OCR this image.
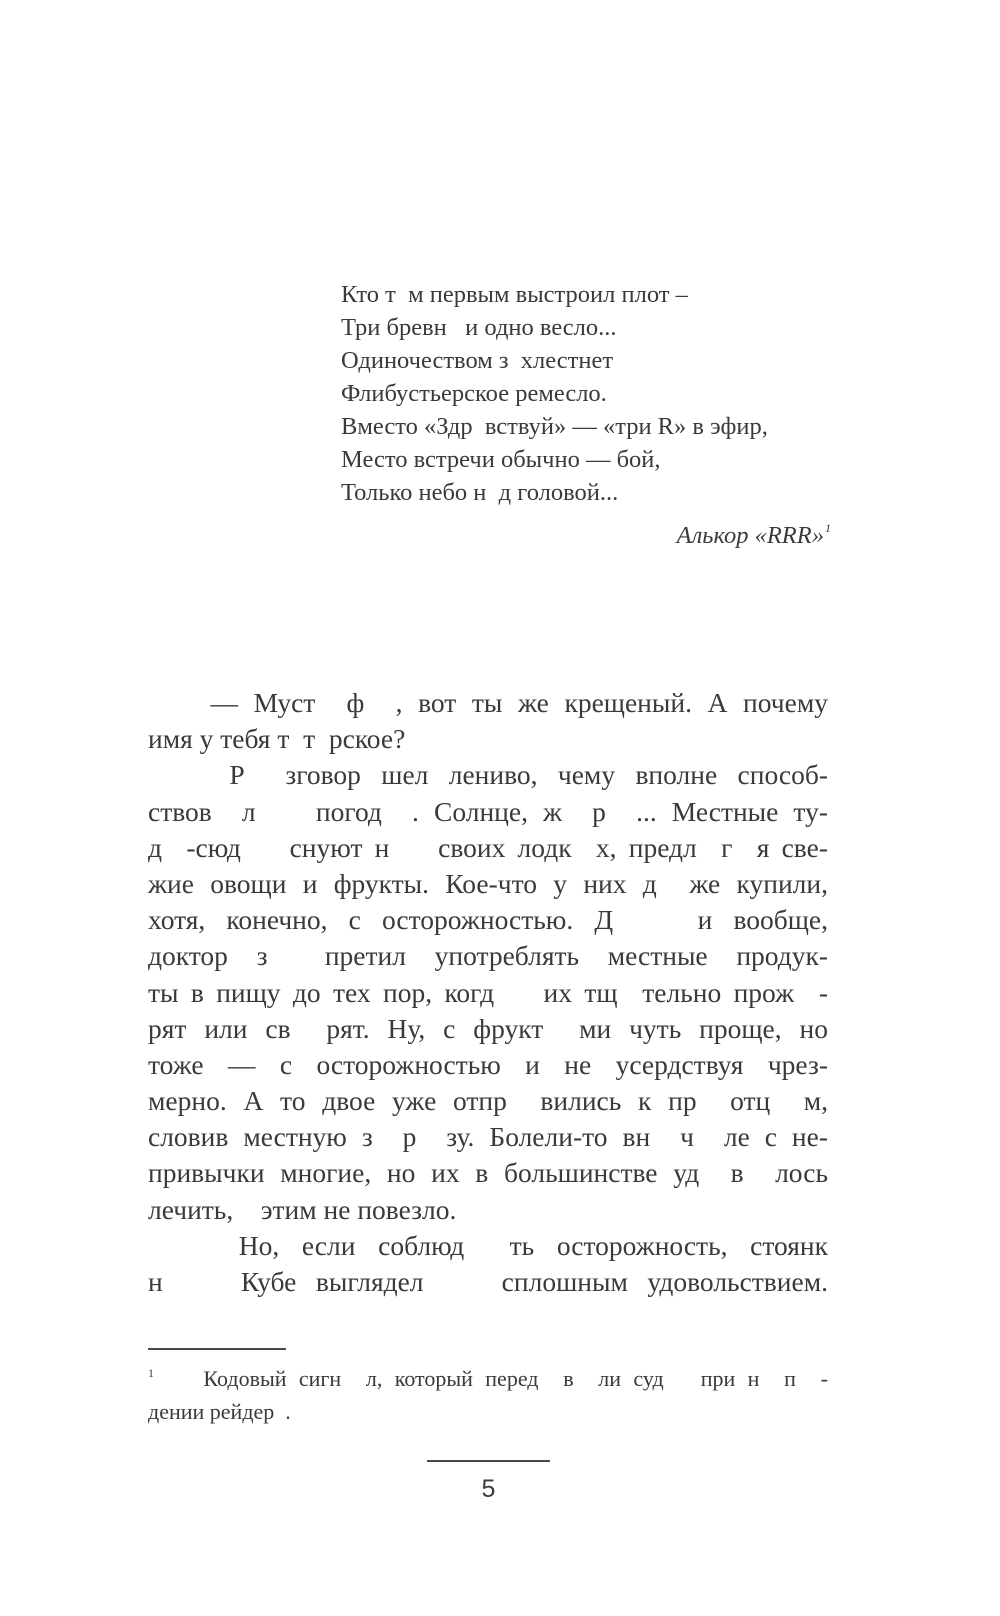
Кто т  м первым выстроил плот –
Три бревн   и одно весло...
Одиночеством з  хлестнет
Флибустьерское ремесло.
Вместо «Здр  вствуй» — «три R» в эфир,
Место встречи обычно — бой,
Только небо н  д головой...
Алькор «RRR»$^1$
— Муст  ф  , вот ты же крещеный. А почему
имя у тебя т  т  рское?
Р  зговор шел лениво, чему вполне способ-
ствов  л    погод  . Солнце, ж  р  ... Местные ту-
д  -сюд    снуют н    своих лодк  х, предл  г  я све-
жие овощи и фрукты. Кое-что у них д  же купили,
хотя, конечно, с осторожностью. Д    и вообще,
доктор з  претил употреблять местные продук-
ты в пищу до тех пор, когд    их тщ  тельно прож  -
рят или св  рят. Ну, с фрукт  ми чуть проще, но
тоже — с осторожностью и не усердствуя чрез-
мерно. А то двое уже отпр  вились к пр  отц  м,
словив местную з  р  зу. Болели-то вн  ч  ле с не-
привычки многие, но их в большинстве уд  в  лось
лечить,    этим не повезло.
Но, если соблюд  ть осторожность, стоянк
н    Кубе выглядел    сплошным удовольствием.
$^1$    Кодовый сигн  л, который перед  в  ли суд   при н  п  -
дении рейдер  .
5
